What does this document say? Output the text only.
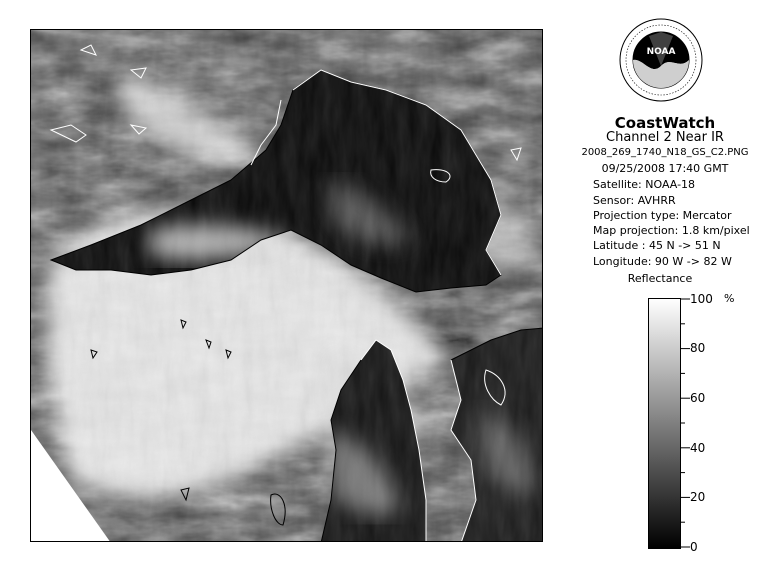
NOAA
CoastWatch
Channel 2 Near IR
2008_269_1740_N18_GS_C2.PNG
09/25/2008 17:40 GMT
Satellite: NOAA-18
Sensor: AVHRR
Projection type: Mercator
Map projection: 1.8 km/pixel
Latitude : 45 N -> 51 N
Longitude: 90 W -> 82 W
Reflectance
100
80
60
40
20
0
%
